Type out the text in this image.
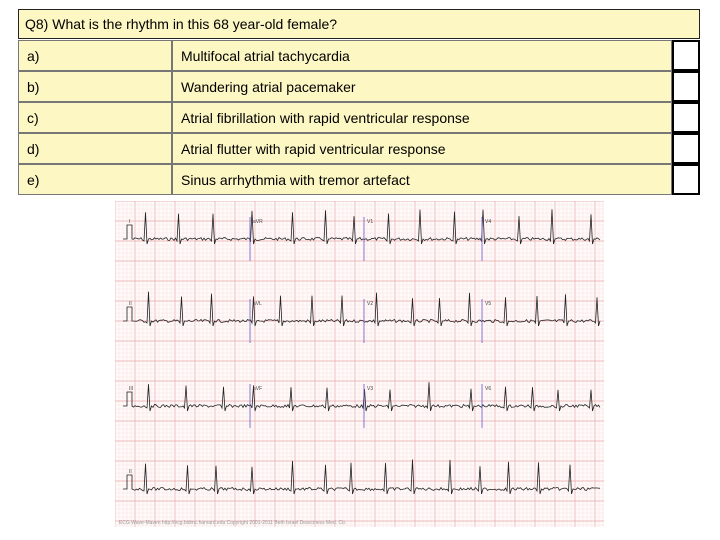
Q8) What is the rhythm in this 68 year-old female?
a)	Multifocal atrial tachycardia
b)	Wandering atrial pacemaker
c)	Atrial fibrillation with rapid ventricular response
d)	Atrial flutter with rapid ventricular response
e)	Sinus arrhythmia with tremor artefact
I	aVR	V1	V4
II	aVL	V2	V5
III	aVF	V3	V6
II
ECG Wave-Maven http://ecg.bidmc.harvard.edu Copyright 2001-2011 Beth Israel Deaconess Med. Ctr.
